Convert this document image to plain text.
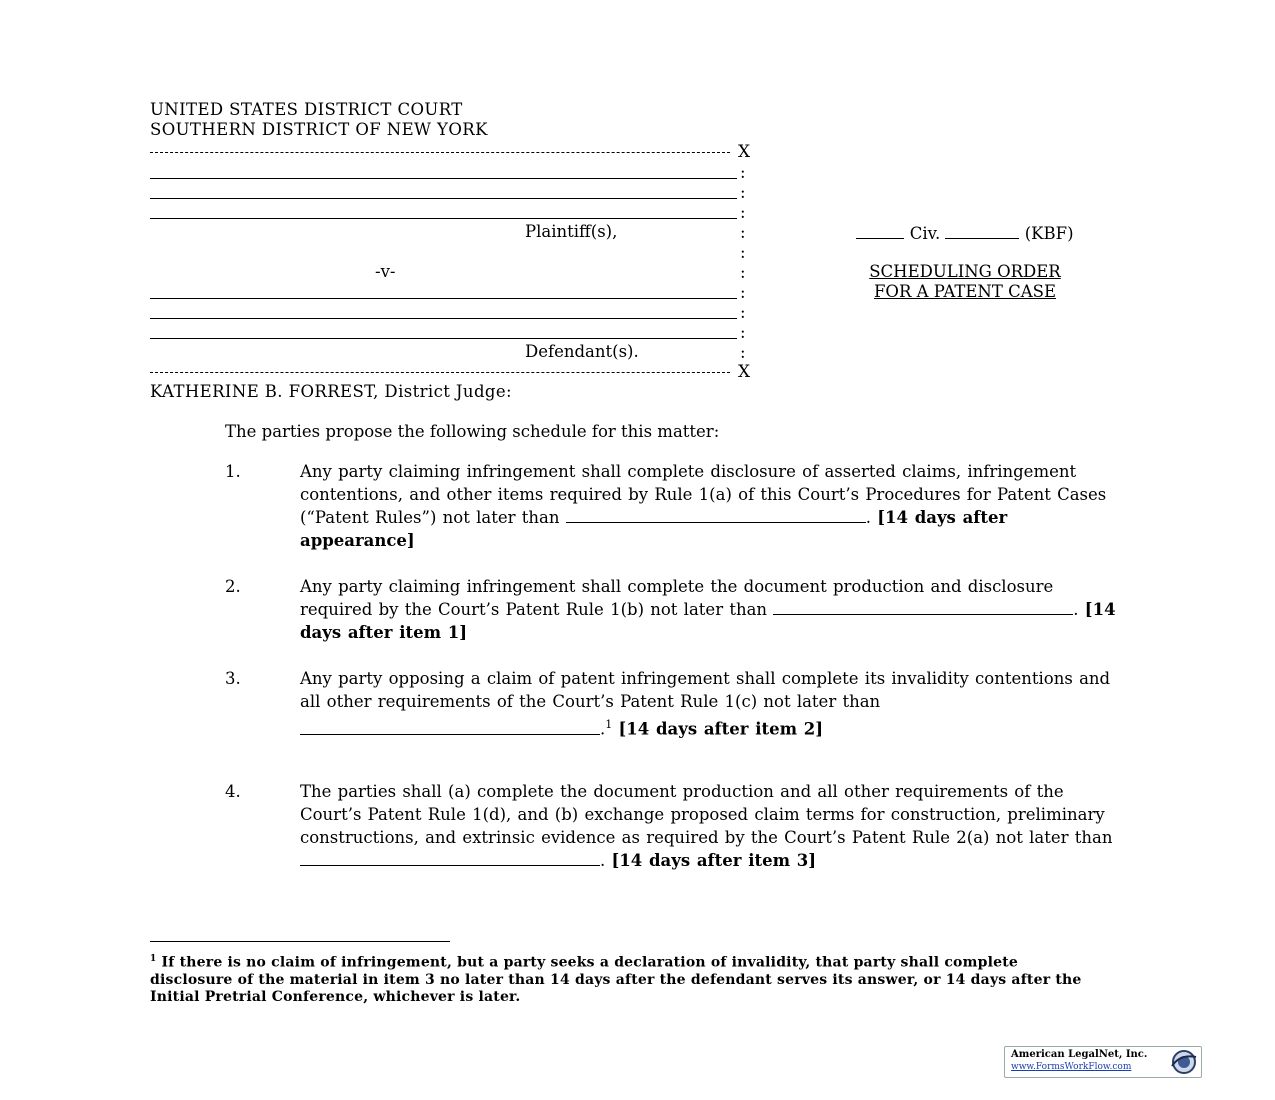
UNITED STATES DISTRICT COURT
SOUTHERN DISTRICT OF NEW YORK
X
Plaintiff(s),
-v-
Defendant(s).
X
:
:
:
:
:
:
:
:
:
:
Civ.	(KBF)
SCHEDULING ORDER
FOR A PATENT CASE
KATHERINE B. FORREST, District Judge:
The parties propose the following schedule for this matter:
1.	Any party claiming infringement shall complete disclosure of asserted claims, infringement contentions, and other items required by Rule 1(a) of this Court’s Procedures for Patent Cases (“Patent Rules”) not later than	. [14 days after appearance]
2.	Any party claiming infringement shall complete the document production and disclosure required by the Court’s Patent Rule 1(b) not later than	. [14 days after item 1]
3.	Any party opposing a claim of patent infringement shall complete its invalidity contentions and all other requirements of the Court’s Patent Rule 1(c) not later than .$^1$ [14 days after item 2]
4.	The parties shall (a) complete the document production and all other requirements of the Court’s Patent Rule 1(d), and (b) exchange proposed claim terms for construction, preliminary constructions, and extrinsic evidence as required by the Court’s Patent Rule 2(a) not later than . [14 days after item 3]
$^1$ If there is no claim of infringement, but a party seeks a declaration of invalidity, that party shall complete disclosure of the material in item 3 no later than 14 days after the defendant serves its answer, or 14 days after the Initial Pretrial Conference, whichever is later.
American LegalNet, Inc.
www.FormsWorkFlow.com
